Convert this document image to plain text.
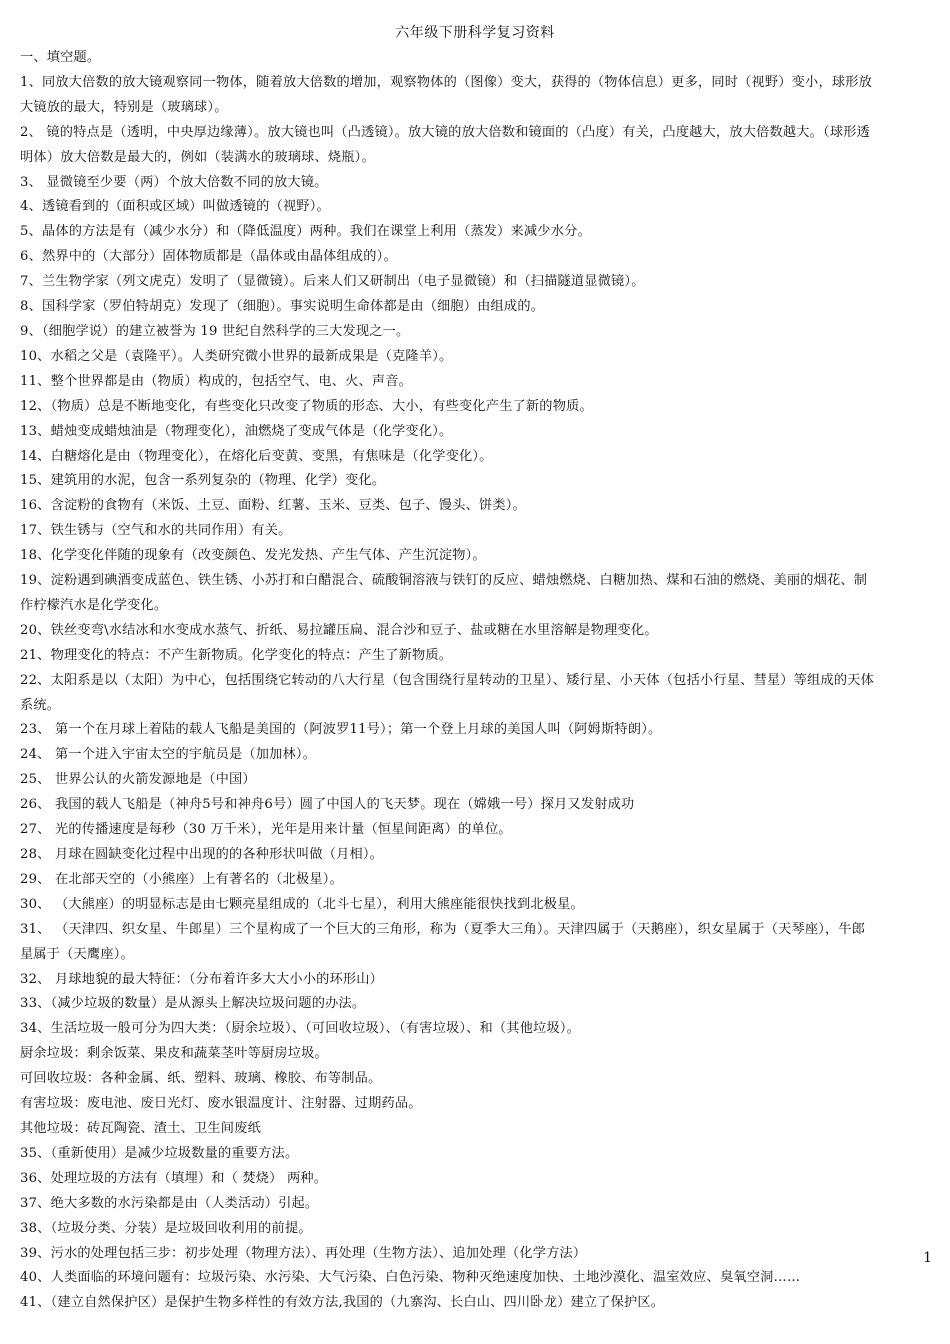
六年级下册科学复习资料
一、填空题。
1、同放大倍数的放大镜观察同一物体，随着放大倍数的增加，观察物体的（图像）变大，获得的（物体信息）更多，同时（视野）变小，球形放
大镜放的最大，特别是（玻璃球）。
2、 镜的特点是（透明，中央厚边缘薄）。放大镜也叫（凸透镜）。放大镜的放大倍数和镜面的（凸度）有关，凸度越大，放大倍数越大。（球形透
明体）放大倍数是最大的，例如（装满水的玻璃球、烧瓶）。
3、 显微镜至少要（两）个放大倍数不同的放大镜。
4、透镜看到的（面积或区域）叫做透镜的（视野）。
5、晶体的方法是有（减少水分）和（降低温度）两种。我们在课堂上利用（蒸发）来减少水分。
6、然界中的（大部分）固体物质都是（晶体或由晶体组成的）。
7、兰生物学家（列文虎克）发明了（显微镜）。后来人们又研制出（电子显微镜）和（扫描隧道显微镜）。
8、国科学家（罗伯特胡克）发现了（细胞）。事实说明生命体都是由（细胞）由组成的。
9、（细胞学说）的建立被誉为 19 世纪自然科学的三大发现之一。
10、水稻之父是（袁隆平）。人类研究微小世界的最新成果是（克隆羊）。
11、整个世界都是由（物质）构成的，包括空气、电、火、声音。
12、（物质）总是不断地变化，有些变化只改变了物质的形态、大小，有些变化产生了新的物质。
13、蜡烛变成蜡烛油是（物理变化），油燃烧了变成气体是（化学变化）。
14、白糖熔化是由（物理变化），在熔化后变黄、变黑，有焦味是（化学变化）。
15、建筑用的水泥，包含一系列复杂的（物理、化学）变化。
16、含淀粉的食物有（米饭、土豆、面粉、红薯、玉米、豆类、包子、馒头、饼类）。
17、铁生锈与（空气和水的共同作用）有关。
18、化学变化伴随的现象有（改变颜色、发光发热、产生气体、产生沉淀物）。
19、淀粉遇到碘酒变成蓝色、铁生锈、小苏打和白醋混合、硫酸铜溶液与铁钉的反应、蜡烛燃烧、白糖加热、煤和石油的燃烧、美丽的烟花、制
作柠檬汽水是化学变化。
20、铁丝变弯\水结冰和水变成水蒸气、折纸、易拉罐压扁、混合沙和豆子、盐或糖在水里溶解是物理变化。
21、物理变化的特点：不产生新物质。化学变化的特点：产生了新物质。
22、太阳系是以（太阳）为中心，包括围绕它转动的八大行星（包含围绕行星转动的卫星）、矮行星、小天体（包括小行星、彗星）等组成的天体
系统。
23、 第一个在月球上着陆的载人飞船是美国的（阿波罗11号）；第一个登上月球的美国人叫（阿姆斯特朗）。
24、 第一个进入宇宙太空的宇航员是（加加林）。
25、 世界公认的火箭发源地是（中国）
26、 我国的载人飞船是（神舟5号和神舟6号）圆了中国人的飞天梦。现在（嫦娥一号）探月又发射成功
27、 光的传播速度是每秒（30 万千米），光年是用来计量（恒星间距离）的单位。
28、 月球在圆缺变化过程中出现的的各种形状叫做（月相）。
29、 在北部天空的（小熊座）上有著名的（北极星）。
30、 （大熊座）的明显标志是由七颗亮星组成的（北斗七星），利用大熊座能很快找到北极星。
31、 （天津四、织女星、牛郎星）三个星构成了一个巨大的三角形，称为（夏季大三角）。天津四属于（天鹅座），织女星属于（天琴座），牛郎
星属于（天鹰座）。
32、 月球地貌的最大特征：（分布着许多大大小小的环形山）
33、（减少垃圾的数量）是从源头上解决垃圾问题的办法。
34、生活垃圾一般可分为四大类：（厨余垃圾）、（可回收垃圾）、（有害垃圾）、和（其他垃圾）。
厨余垃圾：剩余饭菜、果皮和蔬菜茎叶等厨房垃圾。
可回收垃圾：各种金属、纸、塑料、玻璃、橡胶、布等制品。
有害垃圾：废电池、废日光灯、废水银温度计、注射器、过期药品。
其他垃圾：砖瓦陶瓷、渣土、卫生间废纸
35、（重新使用）是减少垃圾数量的重要方法。
36、处理垃圾的方法有（填埋）和（ 焚烧） 两种。
37、绝大多数的水污染都是由（人类活动）引起。
38、（垃圾分类、分装）是垃圾回收利用的前提。
39、污水的处理包括三步：初步处理（物理方法）、再处理（生物方法）、追加处理（化学方法）
40、人类面临的环境问题有：垃圾污染、水污染、大气污染、白色污染、物种灭绝速度加快、土地沙漠化、温室效应、臭氧空洞……
41、（建立自然保护区）是保护生物多样性的有效方法,我国的（九寨沟、长白山、四川卧龙）建立了保护区。
1
